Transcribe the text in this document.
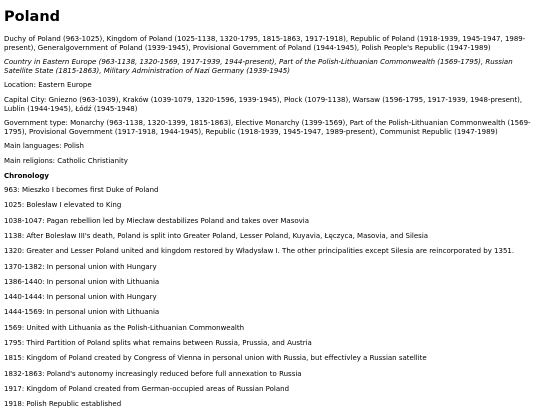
Poland

Duchy of Poland (963-1025), Kingdom of Poland (1025-1138, 1320-1795, 1815-1863, 1917-1918), Republic of Poland (1918-1939, 1945-1947, 1989-present), Generalgovernment of Poland (1939-1945), Provisional Government of Poland (1944-1945), Polish People's Republic (1947-1989)

Country in Eastern Europe (963-1138, 1320-1569, 1917-1939, 1944-present), Part of the Polish-Lithuanian Commonwealth (1569-1795), Russian Satellite State (1815-1863), Military Administration of Nazi Germany (1939-1945)

Location: Eastern Europe

Capital City: Gniezno (963-1039), Kraków (1039-1079, 1320-1596, 1939-1945), Płock (1079-1138), Warsaw (1596-1795, 1917-1939, 1948-present), Lublin (1944-1945), Łódź (1945-1948)

Government type: Monarchy (963-1138, 1320-1399, 1815-1863), Elective Monarchy (1399-1569), Part of the Polish-Lithuanian Commonwealth (1569-1795), Provisional Government (1917-1918, 1944-1945), Republic (1918-1939, 1945-1947, 1989-present), Communist Republic (1947-1989)

Main languages: Polish

Main religions: Catholic Christianity

Chronology

963: Mieszko I becomes first Duke of Poland

1025: Bolesław I elevated to King

1038-1047: Pagan rebellion led by Miecław destabilizes Poland and takes over Masovia

1138: After Bolesław III's death, Poland is split into Greater Poland, Lesser Poland, Kuyavia, Łęczyca, Masovia, and Silesia

1320: Greater and Lesser Poland united and kingdom restored by Władysław I. The other principalities except Silesia are reincorporated by 1351.

1370-1382: In personal union with Hungary

1386-1440: In personal union with Lithuania

1440-1444: In personal union with Hungary

1444-1569: In personal union with Lithuania

1569: United with Lithuania as the Polish-Lithuanian Commonwealth

1795: Third Partition of Poland splits what remains between Russia, Prussia, and Austria

1815: Kingdom of Poland created by Congress of Vienna in personal union with Russia, but effectivley a Russian satellite

1832-1863: Poland's autonomy increasingly reduced before full annexation to Russia

1917: Kingdom of Poland created from German-occupied areas of Russian Poland

1918: Polish Republic established
